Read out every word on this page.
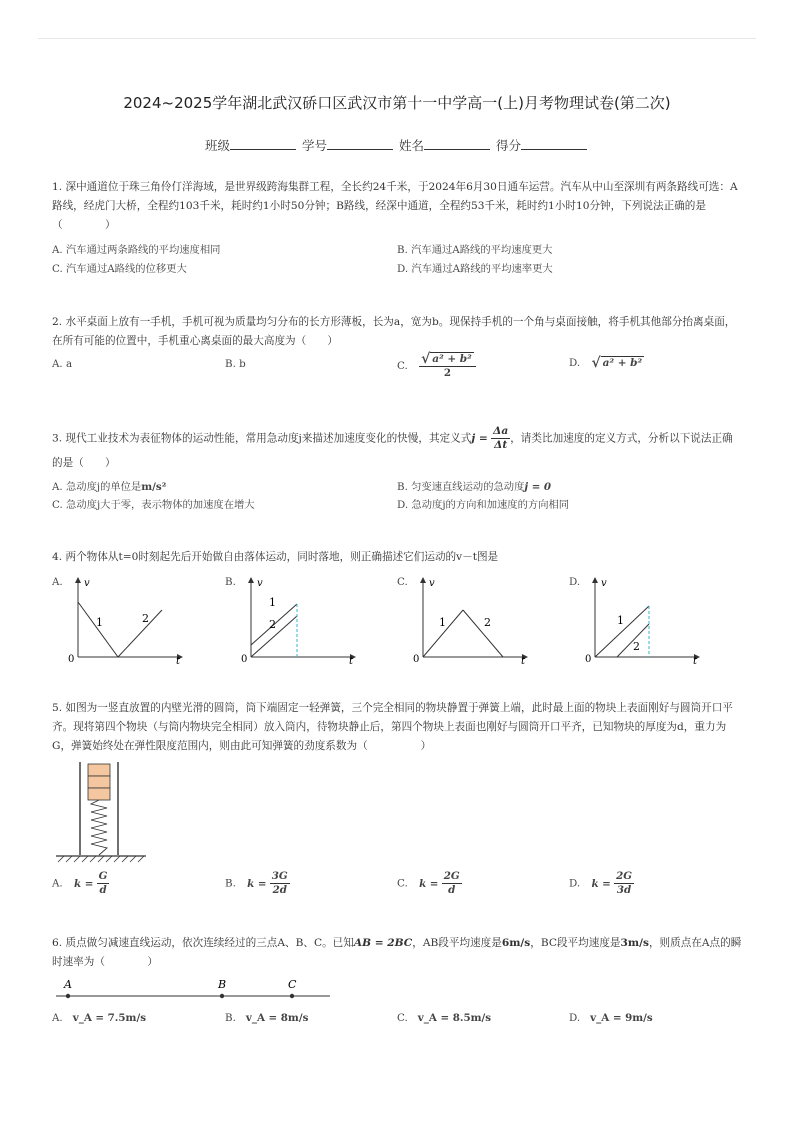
2024~2025学年湖北武汉硚口区武汉市第十一中学高一(上)月考物理试卷(第二次)
班级	学号	姓名	得分
1. 深中通道位于珠三角伶仃洋海域，是世界级跨海集群工程，全长约24千米，于2024年6月30日通车运营。汽车从中山至深圳有两条路线可选：A路线，经虎门大桥，全程约103千米，耗时约1小时50分钟；B路线，经深中通道，全程约53千米，耗时约1小时10分钟，下列说法正确的是（　　　　）
A. 汽车通过两条路线的平均速度相同	B. 汽车通过A路线的平均速度更大
C. 汽车通过A路线的位移更大	D. 汽车通过A路线的平均速率更大
2. 水平桌面上放有一手机，手机可视为质量均匀分布的长方形薄板，长为a，宽为b。现保持手机的一个角与桌面接触，将手机其他部分抬离桌面，在所有可能的位置中，手机重心离桌面的最大高度为（　　）
A. a	B. b	C. $\frac{\text{√ a² + b²}}{2}$	D. √ a² + b²
3. 现代工业技术为表征物体的运动性能，常用急动度j来描述加速度变化的快慢，其定义式$j = \frac{\Delta a}{\Delta t}$ ，请类比加速度的定义方式，分析以下说法正确的是（　　）
A. 急动度j的单位是m/s²	B. 匀变速直线运动的急动度j = 0
C. 急动度j大于零，表示物体的加速度在增大	D. 急动度j的方向和加速度的方向相同
4. 两个物体从t=0时刻起先后开始做自由落体运动，同时落地，则正确描述它们运动的v－t图是
A. v
t
0
1	2
B. v
t
0
1
2
C. v
t
0
1	2
D. v
t
0
1
2
5. 如图为一竖直放置的内壁光滑的圆筒，筒下端固定一轻弹簧，三个完全相同的物块静置于弹簧上端，此时最上面的物块上表面刚好与圆筒开口平齐。现将第四个物块（与筒内物块完全相同）放入筒内，待物块静止后，第四个物块上表面也刚好与圆筒开口平齐，已知物块的厚度为d，重力为G，弹簧始终处在弹性限度范围内，则由此可知弹簧的劲度系数为（　　　　　）
A. $k = \frac{G}{d}$	B. $k = \frac{3G}{2d}$	C. $k = \frac{2G}{d}$	D. $k = \frac{2G}{3d}$
6. 质点做匀减速直线运动，依次连续经过的三点A、B、C。已知AB = 2BC，AB段平均速度是6m/s，BC段平均速度是3m/s，则质点在A点的瞬时速率为（　　　　）
A	B	C
A. v_A = 7.5m/s	B. v_A = 8m/s	C. v_A = 8.5m/s	D. v_A = 9m/s
